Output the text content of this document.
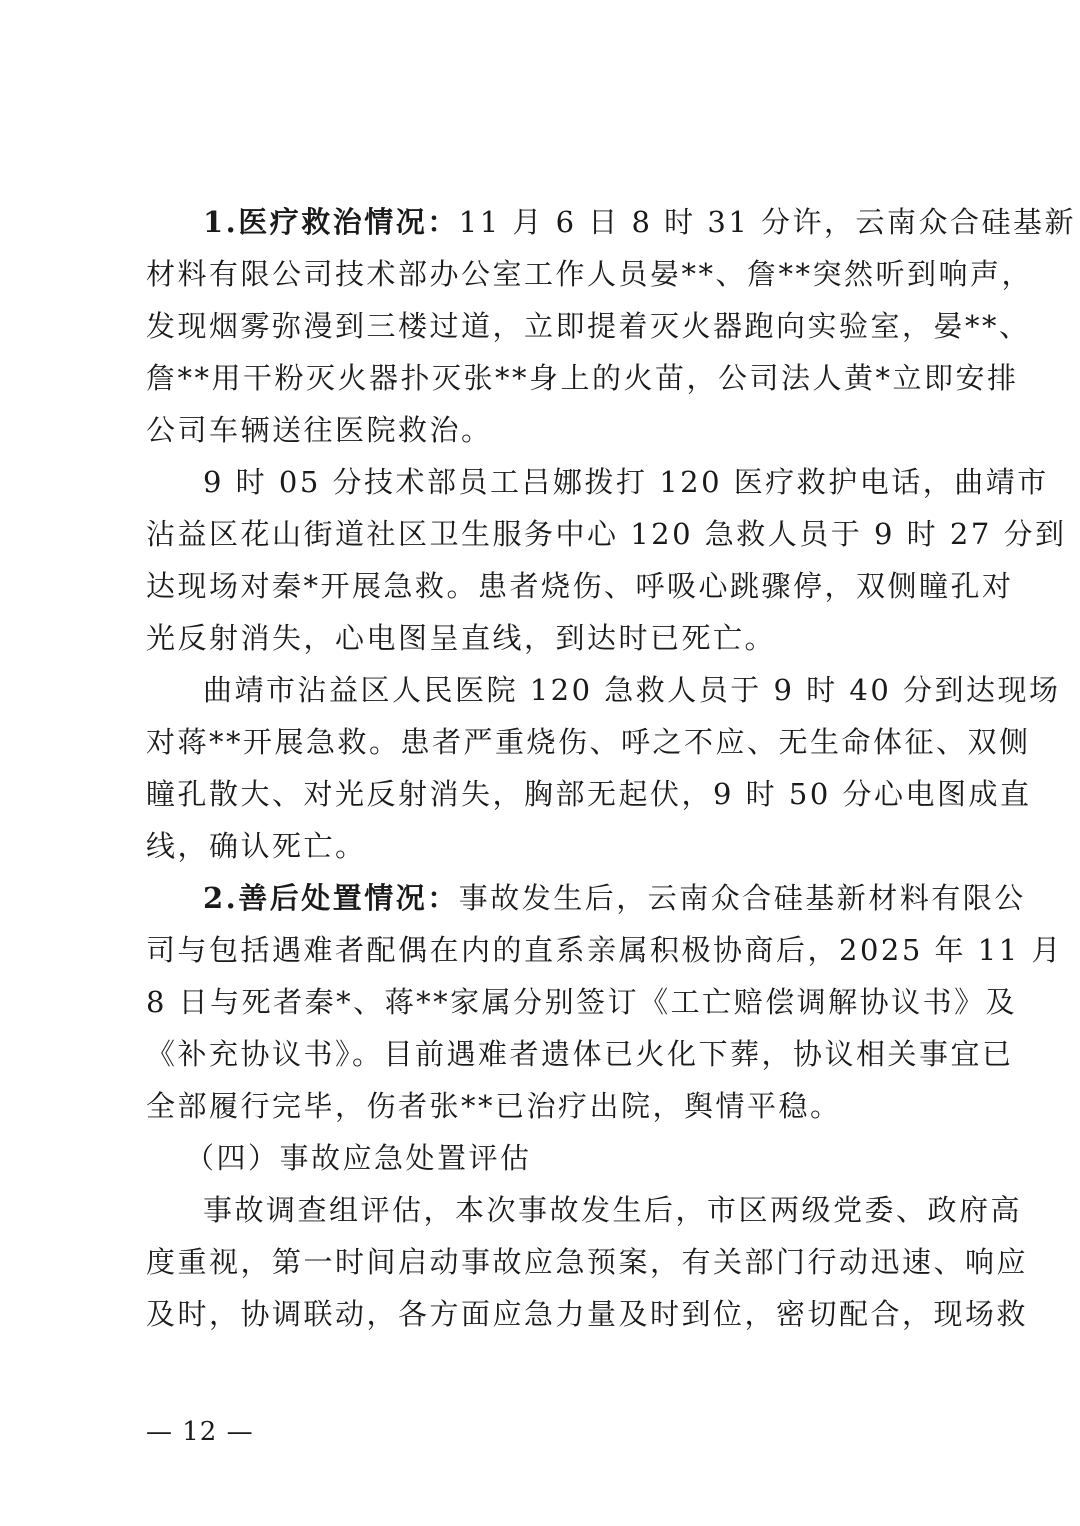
1.医疗救治情况：11 月 6 日 8 时 31 分许，云南众合硅基新
材料有限公司技术部办公室工作人员晏**、詹**突然听到响声，
发现烟雾弥漫到三楼过道，立即提着灭火器跑向实验室，晏**、
詹**用干粉灭火器扑灭张**身上的火苗，公司法人黄*立即安排
公司车辆送往医院救治。
9 时 05 分技术部员工吕娜拨打 120 医疗救护电话，曲靖市
沾益区花山街道社区卫生服务中心 120 急救人员于 9 时 27 分到
达现场对秦*开展急救。患者烧伤、呼吸心跳骤停，双侧瞳孔对
光反射消失，心电图呈直线，到达时已死亡。
曲靖市沾益区人民医院 120 急救人员于 9 时 40 分到达现场
对蒋**开展急救。患者严重烧伤、呼之不应、无生命体征、双侧
瞳孔散大、对光反射消失，胸部无起伏，9 时 50 分心电图成直
线，确认死亡。
2.善后处置情况：事故发生后，云南众合硅基新材料有限公
司与包括遇难者配偶在内的直系亲属积极协商后，2025 年 11 月
8 日与死者秦*、蒋**家属分别签订《工亡赔偿调解协议书》及
《补充协议书》。目前遇难者遗体已火化下葬，协议相关事宜已
全部履行完毕，伤者张**已治疗出院，舆情平稳。
（四）事故应急处置评估
事故调查组评估，本次事故发生后，市区两级党委、政府高
度重视，第一时间启动事故应急预案，有关部门行动迅速、响应
及时，协调联动，各方面应急力量及时到位，密切配合，现场救
— 12 —
